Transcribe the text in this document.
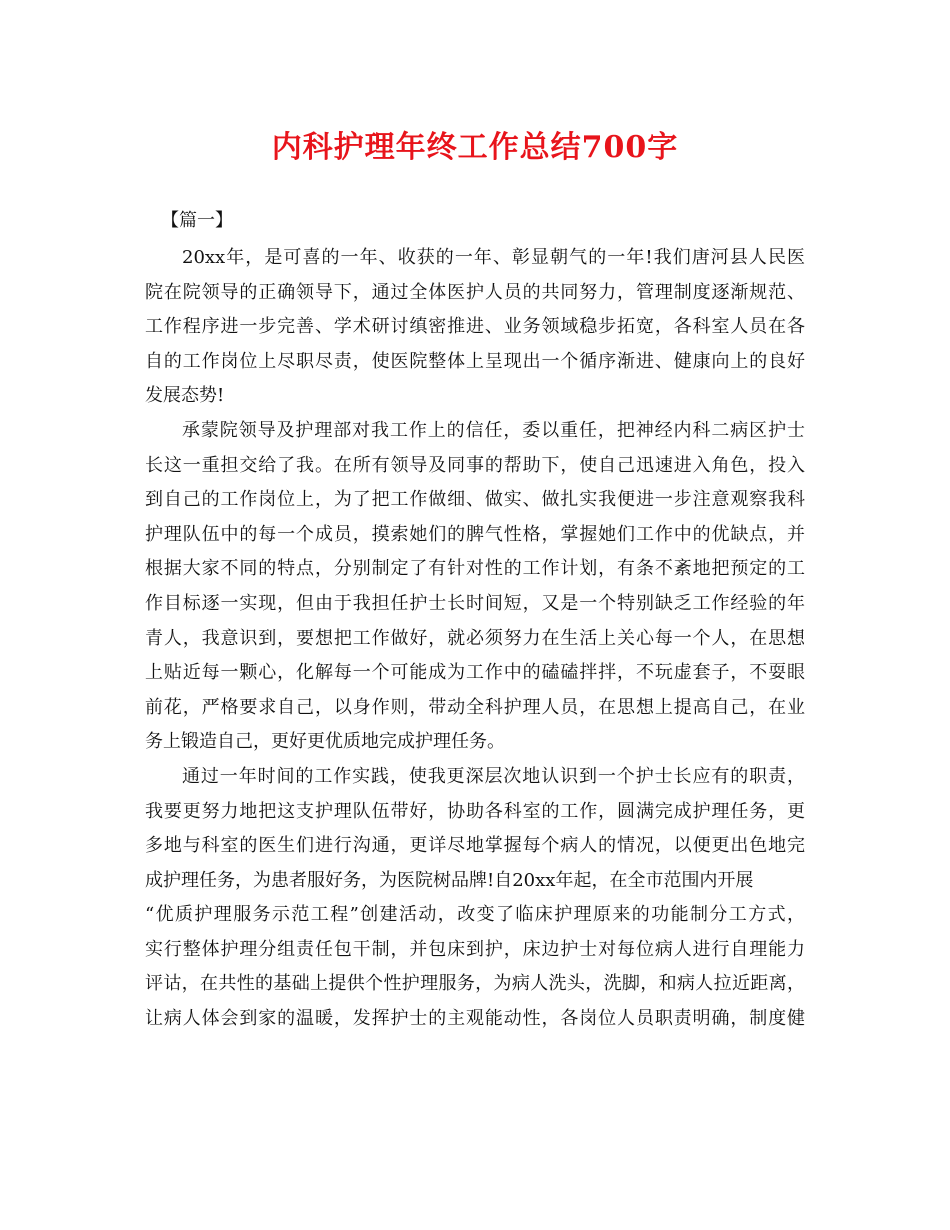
内科护理年终工作总结700字
【篇一】
20xx年，是可喜的一年、收获的一年、彰显朝气的一年!我们唐河县人民医
院在院领导的正确领导下，通过全体医护人员的共同努力，管理制度逐渐规范、
工作程序进一步完善、学术研讨缜密推进、业务领域稳步拓宽，各科室人员在各
自的工作岗位上尽职尽责，使医院整体上呈现出一个循序渐进、健康向上的良好
发展态势!
承蒙院领导及护理部对我工作上的信任，委以重任，把神经内科二病区护士
长这一重担交给了我。在所有领导及同事的帮助下，使自己迅速进入角色，投入
到自己的工作岗位上，为了把工作做细、做实、做扎实我便进一步注意观察我科
护理队伍中的每一个成员，摸索她们的脾气性格，掌握她们工作中的优缺点，并
根据大家不同的特点，分别制定了有针对性的工作计划，有条不紊地把预定的工
作目标逐一实现，但由于我担任护士长时间短，又是一个特别缺乏工作经验的年
青人，我意识到，要想把工作做好，就必须努力在生活上关心每一个人，在思想
上贴近每一颗心，化解每一个可能成为工作中的磕磕拌拌，不玩虚套子，不耍眼
前花，严格要求自己，以身作则，带动全科护理人员，在思想上提高自己，在业
务上锻造自己，更好更优质地完成护理任务。
通过一年时间的工作实践，使我更深层次地认识到一个护士长应有的职责，
我要更努力地把这支护理队伍带好，协助各科室的工作，圆满完成护理任务，更
多地与科室的医生们进行沟通，更详尽地掌握每个病人的情况，以便更出色地完
成护理任务，为患者服好务，为医院树品牌!自20xx年起，在全市范围内开展
“优质护理服务示范工程”创建活动，改变了临床护理原来的功能制分工方式，
实行整体护理分组责任包干制，并包床到护，床边护士对每位病人进行自理能力
评诂，在共性的基础上提供个性护理服务，为病人洗头，洗脚，和病人拉近距离，
让病人体会到家的温暖，发挥护士的主观能动性，各岗位人员职责明确，制度健
